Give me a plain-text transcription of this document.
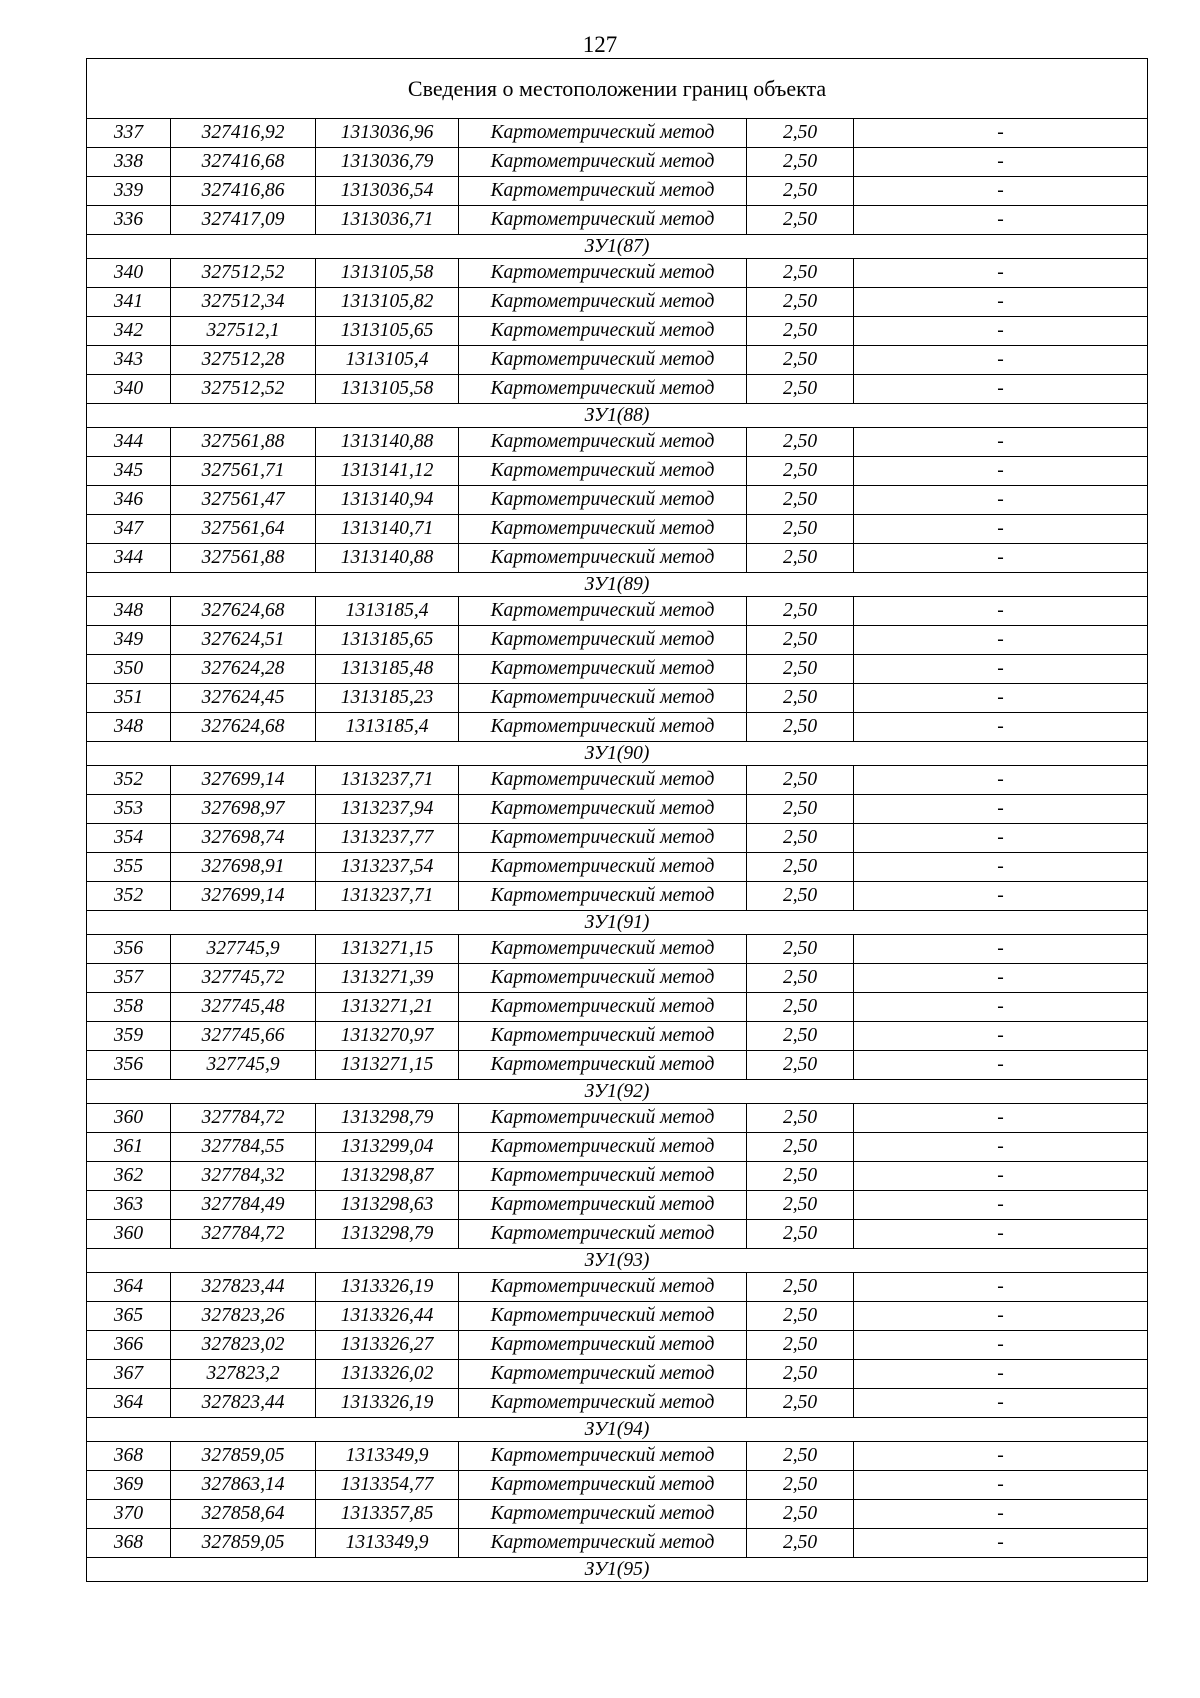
127
Сведения о местоположении границ объекта					
337	327416,92	1313036,96	Картометрический метод	2,50	-
338	327416,68	1313036,79	Картометрический метод	2,50	-
339	327416,86	1313036,54	Картометрический метод	2,50	-
336	327417,09	1313036,71	Картометрический метод	2,50	-
ЗУ1(87)					
340	327512,52	1313105,58	Картометрический метод	2,50	-
341	327512,34	1313105,82	Картометрический метод	2,50	-
342	327512,1	1313105,65	Картометрический метод	2,50	-
343	327512,28	1313105,4	Картометрический метод	2,50	-
340	327512,52	1313105,58	Картометрический метод	2,50	-
ЗУ1(88)					
344	327561,88	1313140,88	Картометрический метод	2,50	-
345	327561,71	1313141,12	Картометрический метод	2,50	-
346	327561,47	1313140,94	Картометрический метод	2,50	-
347	327561,64	1313140,71	Картометрический метод	2,50	-
344	327561,88	1313140,88	Картометрический метод	2,50	-
ЗУ1(89)					
348	327624,68	1313185,4	Картометрический метод	2,50	-
349	327624,51	1313185,65	Картометрический метод	2,50	-
350	327624,28	1313185,48	Картометрический метод	2,50	-
351	327624,45	1313185,23	Картометрический метод	2,50	-
348	327624,68	1313185,4	Картометрический метод	2,50	-
ЗУ1(90)					
352	327699,14	1313237,71	Картометрический метод	2,50	-
353	327698,97	1313237,94	Картометрический метод	2,50	-
354	327698,74	1313237,77	Картометрический метод	2,50	-
355	327698,91	1313237,54	Картометрический метод	2,50	-
352	327699,14	1313237,71	Картометрический метод	2,50	-
ЗУ1(91)					
356	327745,9	1313271,15	Картометрический метод	2,50	-
357	327745,72	1313271,39	Картометрический метод	2,50	-
358	327745,48	1313271,21	Картометрический метод	2,50	-
359	327745,66	1313270,97	Картометрический метод	2,50	-
356	327745,9	1313271,15	Картометрический метод	2,50	-
ЗУ1(92)					
360	327784,72	1313298,79	Картометрический метод	2,50	-
361	327784,55	1313299,04	Картометрический метод	2,50	-
362	327784,32	1313298,87	Картометрический метод	2,50	-
363	327784,49	1313298,63	Картометрический метод	2,50	-
360	327784,72	1313298,79	Картометрический метод	2,50	-
ЗУ1(93)					
364	327823,44	1313326,19	Картометрический метод	2,50	-
365	327823,26	1313326,44	Картометрический метод	2,50	-
366	327823,02	1313326,27	Картометрический метод	2,50	-
367	327823,2	1313326,02	Картометрический метод	2,50	-
364	327823,44	1313326,19	Картометрический метод	2,50	-
ЗУ1(94)					
368	327859,05	1313349,9	Картометрический метод	2,50	-
369	327863,14	1313354,77	Картометрический метод	2,50	-
370	327858,64	1313357,85	Картометрический метод	2,50	-
368	327859,05	1313349,9	Картометрический метод	2,50	-
ЗУ1(95)					
